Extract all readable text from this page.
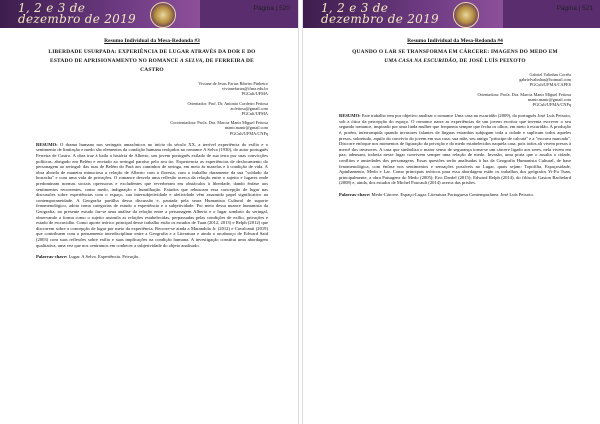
1, 2 e 3 de
dezembro de 2019
Página | 520
Resumo Individual da Mesa-Redonda #3
LIBERDADE USURPADA: EXPERIÊNCIA DE LUGAR ATRAVÉS DA DOR E DO
ESTADO DE APRISIONAMENTO NO ROMANCE A SELVA, DE FERREIRA DE
CASTRO
Viviane de Jesus Farias Ribeiro Pinheiro
vivianefarias@ifma.edu.br
PGCult/UFMA
Orientador: Prof. Dr. Antonio Cordeiro Feitosa
acfeitosa@gmail.com
PGCult/UFMA
Coorientadora: Profa. Dra. Marcia Manir Miguel Feitosa
manir.manir@gmail.com
PGCult/UFMA/CNPq
RESUMO: O drama humano nos seringais amazônicos no início do século XX, a terrível experiência do exílio e o sentimento de limitação e medo são elementos da condição humana realçados no romance A Selva (1930), do autor português Ferreira de Castro. A obra traz à baila a história de Alberto, um jovem português exilado de sua terra por suas convicções políticas, abrigado em Belém e enviado ao seringal paraíso pelo seu tio. Experiencia as experiências de deslocamento do personagem ao seringal: das ruas de Belém do Pará aos caminhos de seringa, em meio às mazelas e à condição de vida. A obra aborda de maneira minuciosa a relação de Alberto com a floresta, com o trabalho duramente da sua "soldado da borracha" e com uma vida de privações. O romance desvela uma reflexão acerca da relação entre o sujeito e lugares onde predominam normas sociais opressoras e excludentes que reverberam em obstáculos à liberdade, dando ênfase aos sentimentos recorrentes, como medo, indignação e humilhação. Estudos que rebuscam essa concepção de lugar nas discussões sobre experiências com o espaço, sua intersubjetividade e afetividade vêm assumido papel significativo na contemporaneidade. A Geografia partilha dessa discussão e, pautada pela seara Humanista Cultural de suporte fenomenológico, adota como categorias de estudo a experiência e a subjetividade. Por meio dessa nuance humanista da Geografia, no presente estudo faz-se uma análise da relação entre a personagem Alberto e o lugar sombrio do seringal, observando a forma como o sujeito assimila as relações estabelecidas, perpassadas pelas condições de exílio, privações e estado de escravidão. Como aporte teórico principal desse trabalho estão os estudos de Tuan (2012, 2013) e Relph (2012) que discorrem sobre a concepção de lugar por meio da experiência. Recorre-se ainda a Marandola Jr. (2012) e Cavalcanti (2019) que contribuem com o pensamento interdisciplinar entre a Geografia e a Literatura e ainda o arcabouço de Edward Said (2003) com suas reflexões sobre exílio e suas implicações na condição humana. A investigação constitui uma abordagem qualitativa, uma vez que nos centramos em conhecer a subjetividade do objeto analisado.
Palavras-chave: Lugar. A Selva. Experiência. Privação.
1, 2 e 3 de
dezembro de 2019
Página | 521
Resumo Individual da Mesa-Redonda #4
QUANDO O LAR SE TRANSFORMA EM CÁRCERE: IMAGENS DO MEDO EM
UMA CASA NA ESCURIDÃO, DE JOSÉ LUÍS PEIXOTO
Gabriel Valinhas Corrêa
gabrielvalinhas@hotmail.com
PGCult/UFMA/CAPES
Orientadora: Profa. Dra. Marcia Manir Miguel Feitosa
manir.manir@gmail.com
PGCult/UFMA/CNPq
RESUMO: Este trabalho tem por objetivo analisar o romance Uma casa na escuridão (2009), do português José Luís Peixoto, sob a ótica da percepção do espaço. O romance narra as experiências de um jovem escritor que inventa escrever o seu segundo romance, inspirado por uma linda mulher que frequenta sempre que fecha os olhos, em meio à escuridão. A produção é, porém, interrompida quando invasores falantes de línguas estranhas subjugam toda a cidade e suplicam todos aqueles presos, sobretudo, aquilo do convívio do jovem em sua casa: sua mãe, seu amigo "príncipe de calcutá" e a "escrava marcada". Discorre enfoque nos momentos de figuração da privação e do medo estabelecidos naquela casa, pois todos ali vivem presos à mercê dos invasores. A casa que simboliza o maior senso de segurança torna-se um cárcere ligado aos seres, nela vivem em paz; adensam, todavia nesse lugar convivem sempre uma relação de medo. Invasão, uma porta que o assalta a cidade, conflitos e ansiedades dos personagens. Essas questões serão analisadas à luz da Geografia Humanista Cultural, de base fenomenológica, com ênfase nos sentimentos e sensações possíveis no Lugar, quais sejam: Topofilia, Espaçosidade, Apinhamento, Medo e Lar. Como principais teóricos para essa abordagem estão os trabalhos dos geógrafos Yi-Fu Tuan, principalmente, a obra Paisagens do Medo (2005); Eric Dardel (2015); Edward Relph (2014), do filósofo Gaston Bachelard (2008) e, ainda, dos estudos de Michel Foucault (2014) acerca das prisões.
Palavras-chave: Medo-Cárcere. Espaço-Lugar. Literatura Portuguesa Contemporânea. José Luís Peixoto.
